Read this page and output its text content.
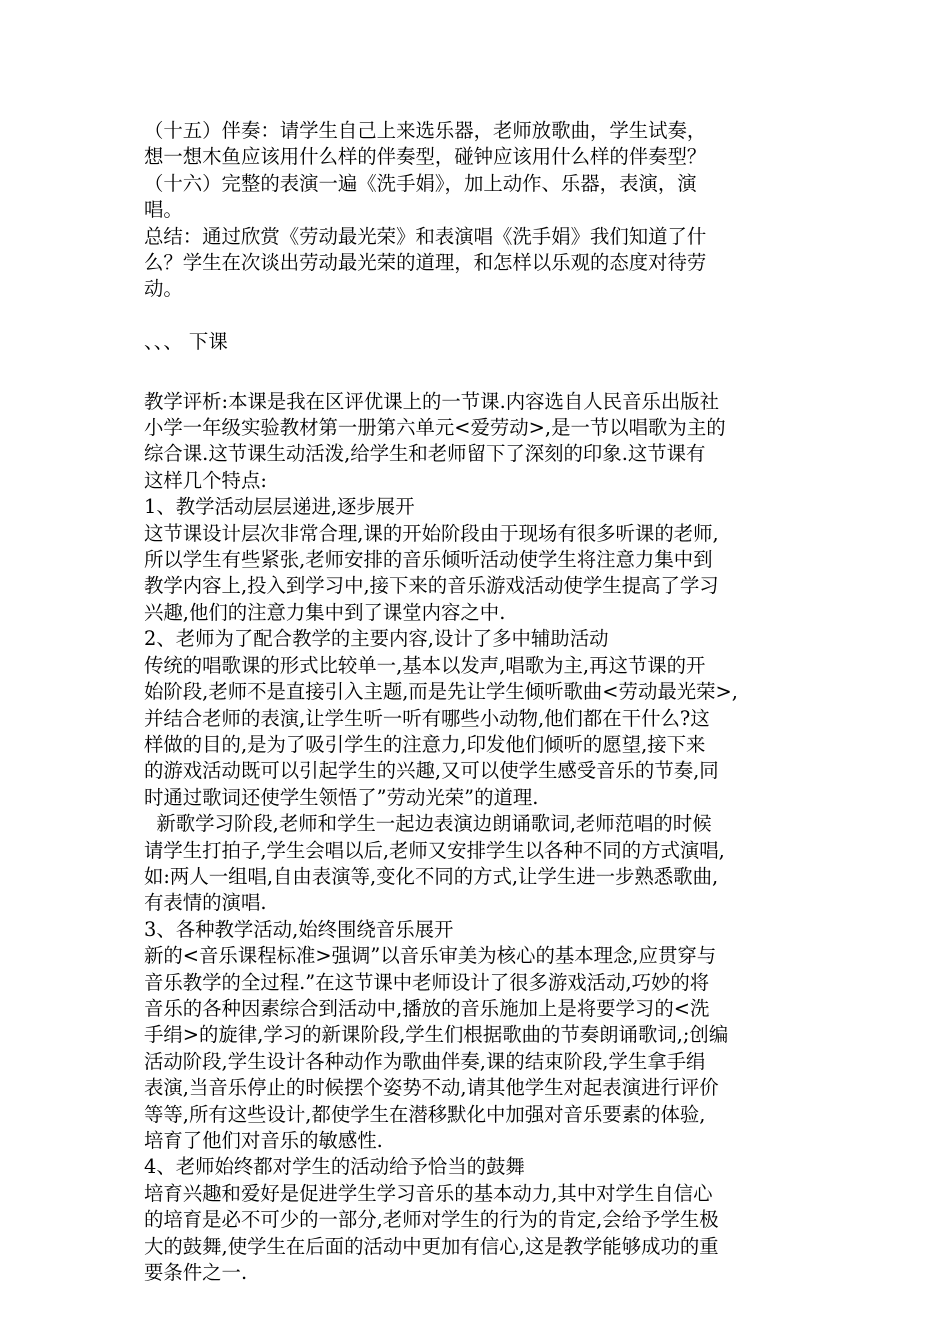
（十五）伴奏：请学生自己上来选乐器，老师放歌曲，学生试奏，
想一想木鱼应该用什么样的伴奏型，碰钟应该用什么样的伴奏型？
（十六）完整的表演一遍《洗手娟》，加上动作、乐器，表演，演
唱。
总结：通过欣赏《劳动最光荣》和表演唱《洗手娟》我们知道了什
么？学生在次谈出劳动最光荣的道理，和怎样以乐观的态度对待劳
动。
、、、 下课
教学评析:本课是我在区评优课上的一节课.内容选自人民音乐出版社
小学一年级实验教材第一册第六单元<爱劳动>,是一节以唱歌为主的
综合课.这节课生动活泼,给学生和老师留下了深刻的印象.这节课有
这样几个特点:
1、教学活动层层递进,逐步展开
这节课设计层次非常合理,课的开始阶段由于现场有很多听课的老师,
所以学生有些紧张,老师安排的音乐倾听活动使学生将注意力集中到
教学内容上,投入到学习中,接下来的音乐游戏活动使学生提高了学习
兴趣,他们的注意力集中到了课堂内容之中.
2、老师为了配合教学的主要内容,设计了多中辅助活动
传统的唱歌课的形式比较单一,基本以发声,唱歌为主,再这节课的开
始阶段,老师不是直接引入主题,而是先让学生倾听歌曲<劳动最光荣>,
并结合老师的表演,让学生听一听有哪些小动物,他们都在干什么?这
样做的目的,是为了吸引学生的注意力,印发他们倾听的愿望,接下来
的游戏活动既可以引起学生的兴趣,又可以使学生感受音乐的节奏,同
时通过歌词还使学生领悟了”劳动光荣”的道理.
新歌学习阶段,老师和学生一起边表演边朗诵歌词,老师范唱的时候
请学生打拍子,学生会唱以后,老师又安排学生以各种不同的方式演唱,
如:两人一组唱,自由表演等,变化不同的方式,让学生进一步熟悉歌曲,
有表情的演唱.
3、各种教学活动,始终围绕音乐展开
新的<音乐课程标准>强调”以音乐审美为核心的基本理念,应贯穿与
音乐教学的全过程.”在这节课中老师设计了很多游戏活动,巧妙的将
音乐的各种因素综合到活动中,播放的音乐施加上是将要学习的<洗
手绢>的旋律,学习的新课阶段,学生们根据歌曲的节奏朗诵歌词,;创编
活动阶段,学生设计各种动作为歌曲伴奏,课的结束阶段,学生拿手绢
表演,当音乐停止的时候摆个姿势不动,请其他学生对起表演进行评价
等等,所有这些设计,都使学生在潜移默化中加强对音乐要素的体验,
培育了他们对音乐的敏感性.
4、老师始终都对学生的活动给予恰当的鼓舞
培育兴趣和爱好是促进学生学习音乐的基本动力,其中对学生自信心
的培育是必不可少的一部分,老师对学生的行为的肯定,会给予学生极
大的鼓舞,使学生在后面的活动中更加有信心,这是教学能够成功的重
要条件之一.
